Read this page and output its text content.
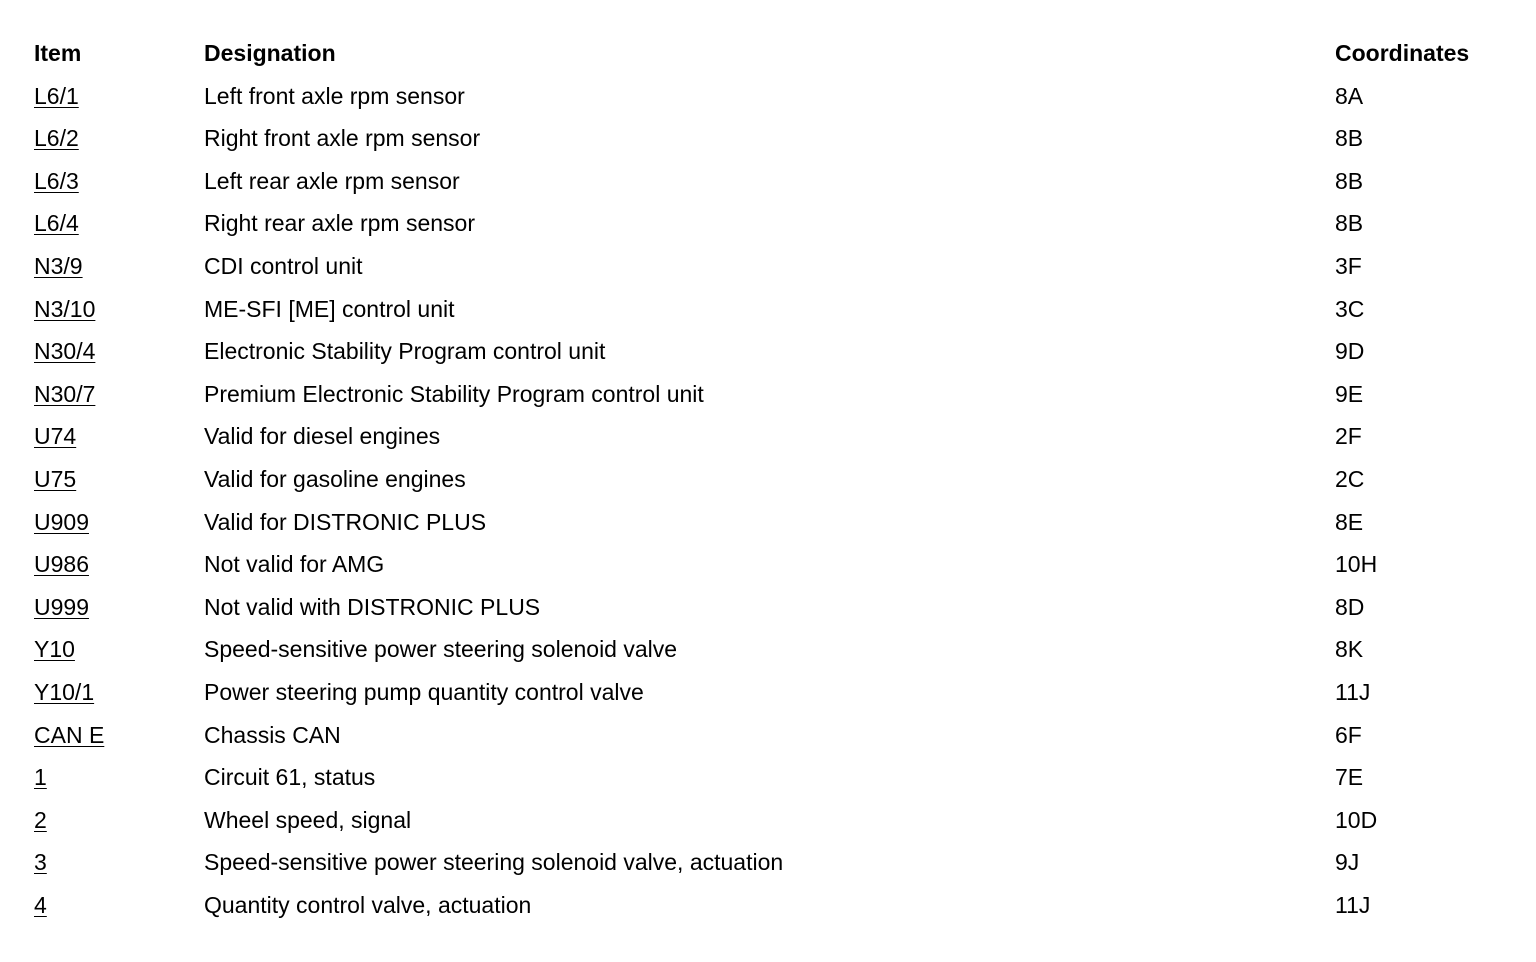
Item	Designation	Coordinates
L6/1	Left front axle rpm sensor	8A
L6/2	Right front axle rpm sensor	8B
L6/3	Left rear axle rpm sensor	8B
L6/4	Right rear axle rpm sensor	8B
N3/9	CDI control unit	3F
N3/10	ME-SFI [ME] control unit	3C
N30/4	Electronic Stability Program control unit	9D
N30/7	Premium Electronic Stability Program control unit	9E
U74	Valid for diesel engines	2F
U75	Valid for gasoline engines	2C
U909	Valid for DISTRONIC PLUS	8E
U986	Not valid for AMG	10H
U999	Not valid with DISTRONIC PLUS	8D
Y10	Speed-sensitive power steering solenoid valve	8K
Y10/1	Power steering pump quantity control valve	11J
CAN E	Chassis CAN	6F
1	Circuit 61, status	7E
2	Wheel speed, signal	10D
3	Speed-sensitive power steering solenoid valve, actuation	9J
4	Quantity control valve, actuation	11J
